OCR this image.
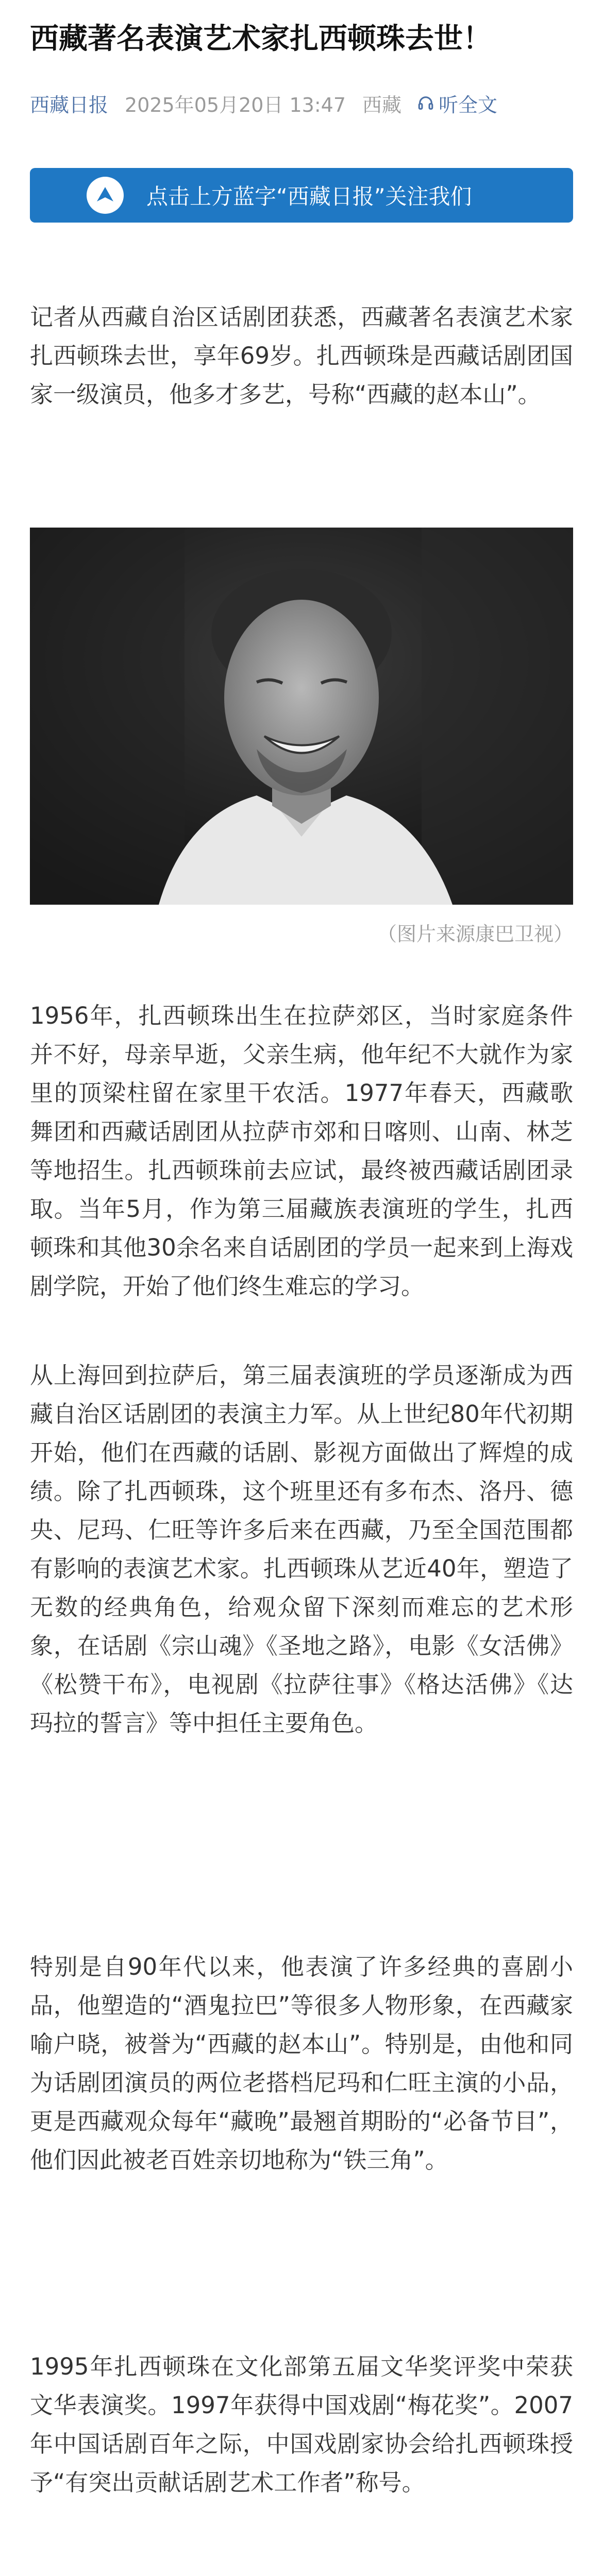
西藏著名表演艺术家扎西顿珠去世！
西藏日报 2025年05月20日 13:47 西藏 听全文
点击上方蓝字“西藏日报”关注我们

记者从西藏自治区话剧团获悉，西藏著名表演艺术家扎西顿珠去世，享年69岁。扎西顿珠是西藏话剧团国家一级演员，他多才多艺，号称“西藏的赵本山”。

（图片来源康巴卫视）

1956年，扎西顿珠出生在拉萨郊区，当时家庭条件并不好，母亲早逝，父亲生病，他年纪不大就作为家里的顶梁柱留在家里干农活。1977年春天，西藏歌舞团和西藏话剧团从拉萨市郊和日喀则、山南、林芝等地招生。扎西顿珠前去应试，最终被西藏话剧团录取。当年5月，作为第三届藏族表演班的学生，扎西顿珠和其他30余名来自话剧团的学员一起来到上海戏剧学院，开始了他们终生难忘的学习。

从上海回到拉萨后，第三届表演班的学员逐渐成为西藏自治区话剧团的表演主力军。从上世纪80年代初期开始，他们在西藏的话剧、影视方面做出了辉煌的成绩。除了扎西顿珠，这个班里还有多布杰、洛丹、德央、尼玛、仁旺等许多后来在西藏，乃至全国范围都有影响的表演艺术家。扎西顿珠从艺近40年，塑造了无数的经典角色，给观众留下深刻而难忘的艺术形象，在话剧《宗山魂》《圣地之路》，电影《女活佛》《松赞干布》，电视剧《拉萨往事》《格达活佛》《达玛拉的誓言》等中担任主要角色。

特别是自90年代以来，他表演了许多经典的喜剧小品，他塑造的“酒鬼拉巴”等很多人物形象，在西藏家喻户晓，被誉为“西藏的赵本山”。特别是，由他和同为话剧团演员的两位老搭档尼玛和仁旺主演的小品，更是西藏观众每年“藏晚”最翘首期盼的“必备节目”，他们因此被老百姓亲切地称为“铁三角”。

1995年扎西顿珠在文化部第五届文华奖评奖中荣获文华表演奖。1997年获得中国戏剧“梅花奖”。2007年中国话剧百年之际，中国戏剧家协会给扎西顿珠授予“有突出贡献话剧艺术工作者”称号。
